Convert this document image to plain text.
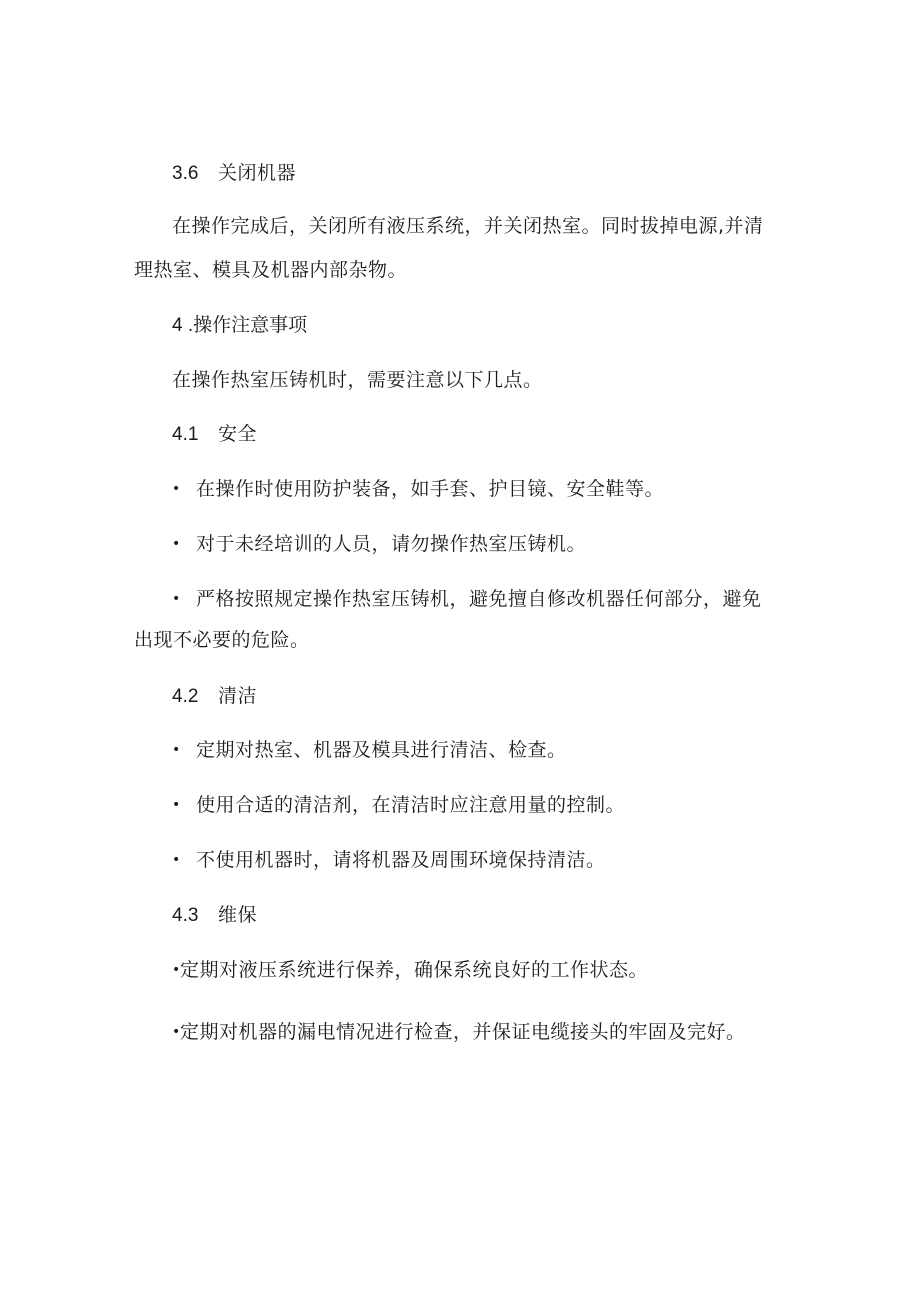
3.6 关闭机器
在操作完成后，关闭所有液压系统，并关闭热室。同时拔掉电源,并清
理热室、模具及机器内部杂物。
4 .操作注意事项
在操作热室压铸机时，需要注意以下几点。
4.1 安全
• 在操作时使用防护装备，如手套、护目镜、安全鞋等。
• 对于未经培训的人员，请勿操作热室压铸机。
• 严格按照规定操作热室压铸机，避免擅自修改机器任何部分，避免
出现不必要的危险。
4.2 清洁
• 定期对热室、机器及模具进行清洁、检查。
• 使用合适的清洁剂，在清洁时应注意用量的控制。
• 不使用机器时，请将机器及周围环境保持清洁。
4.3 维保
•定期对液压系统进行保养，确保系统良好的工作状态。
•定期对机器的漏电情况进行检查，并保证电缆接头的牢固及完好。
